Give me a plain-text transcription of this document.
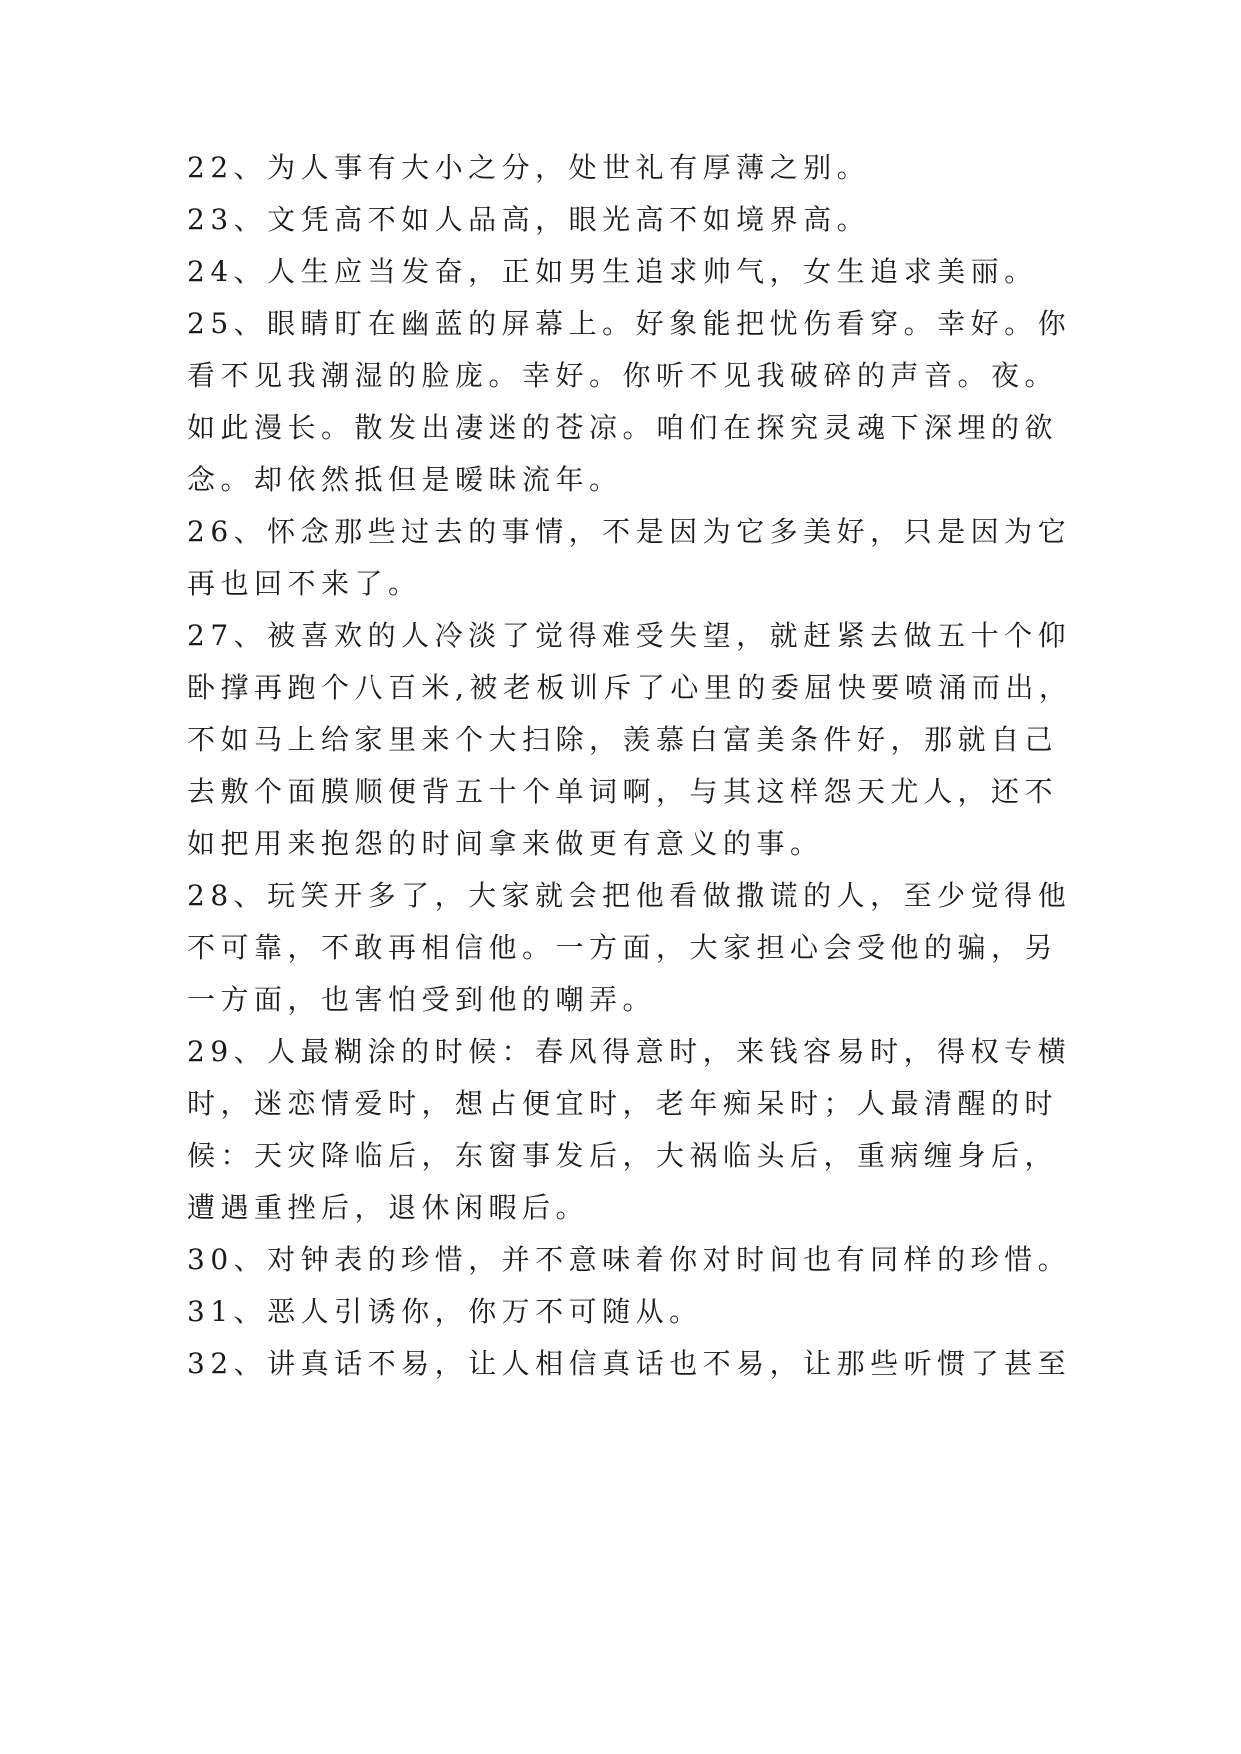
22、为人事有大小之分，处世礼有厚薄之别。
23、文凭高不如人品高，眼光高不如境界高。
24、人生应当发奋，正如男生追求帅气，女生追求美丽。
25、眼睛盯在幽蓝的屏幕上。好象能把忧伤看穿。幸好。你
看不见我潮湿的脸庞。幸好。你听不见我破碎的声音。夜。
如此漫长。散发出凄迷的苍凉。咱们在探究灵魂下深埋的欲
念。却依然抵但是暧昧流年。
26、怀念那些过去的事情，不是因为它多美好，只是因为它
再也回不来了。
27、被喜欢的人冷淡了觉得难受失望，就赶紧去做五十个仰
卧撑再跑个八百米,被老板训斥了心里的委屈快要喷涌而出，
不如马上给家里来个大扫除，羡慕白富美条件好，那就自己
去敷个面膜顺便背五十个单词啊，与其这样怨天尤人，还不
如把用来抱怨的时间拿来做更有意义的事。
28、玩笑开多了，大家就会把他看做撒谎的人，至少觉得他
不可靠，不敢再相信他。一方面，大家担心会受他的骗，另
一方面，也害怕受到他的嘲弄。
29、人最糊涂的时候：春风得意时，来钱容易时，得权专横
时，迷恋情爱时，想占便宜时，老年痴呆时；人最清醒的时
候：天灾降临后，东窗事发后，大祸临头后，重病缠身后，
遭遇重挫后，退休闲暇后。
30、对钟表的珍惜，并不意味着你对时间也有同样的珍惜。
31、恶人引诱你，你万不可随从。
32、讲真话不易，让人相信真话也不易，让那些听惯了甚至
